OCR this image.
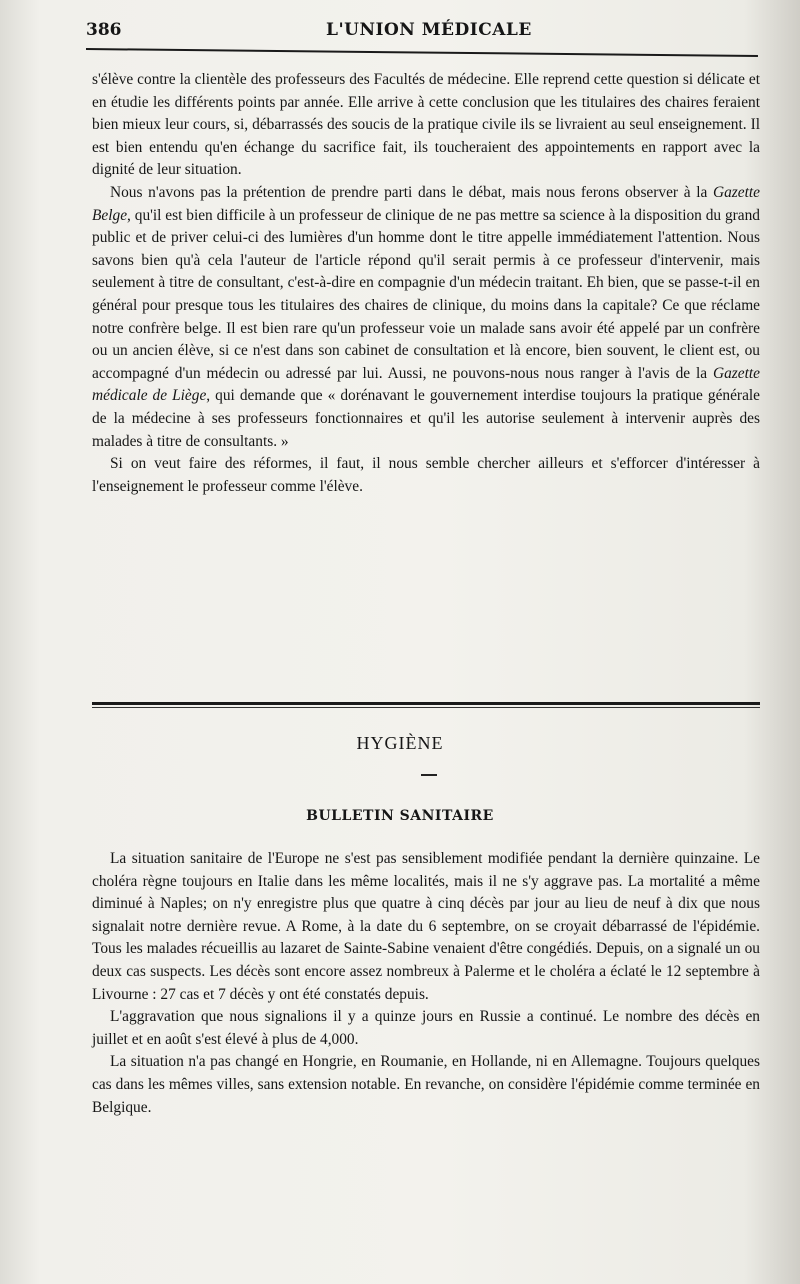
386	L'UNION MÉDICALE

s'élève contre la clientèle des professeurs des Facultés de médecine. Elle reprend cette question si délicate et en étudie les différents points par année. Elle arrive à cette conclusion que les titulaires des chaires feraient bien mieux leur cours, si, débarrassés des soucis de la pratique civile ils se livraient au seul enseignement. Il est bien entendu qu'en échange du sacrifice fait, ils toucheraient des appointements en rapport avec la dignité de leur situation.

Nous n'avons pas la prétention de prendre parti dans le débat, mais nous ferons observer à la Gazette Belge, qu'il est bien difficile à un professeur de clinique de ne pas mettre sa science à la disposition du grand public et de priver celui-ci des lumières d'un homme dont le titre appelle immédiatement l'attention. Nous savons bien qu'à cela l'auteur de l'article répond qu'il serait permis à ce professeur d'intervenir, mais seulement à titre de consultant, c'est-à-dire en compagnie d'un médecin traitant. Eh bien, que se passe-t-il en général pour presque tous les titulaires des chaires de clinique, du moins dans la capitale? Ce que réclame notre confrère belge. Il est bien rare qu'un professeur voie un malade sans avoir été appelé par un confrère ou un ancien élève, si ce n'est dans son cabinet de consultation et là encore, bien souvent, le client est, ou accompagné d'un médecin ou adressé par lui. Aussi, ne pouvons-nous nous ranger à l'avis de la Gazette médicale de Liège, qui demande que « dorénavant le gouvernement interdise toujours la pratique générale de la médecine à ses professeurs fonctionnaires et qu'il les autorise seulement à intervenir auprès des malades à titre de consultants. »

Si on veut faire des réformes, il faut, il nous semble chercher ailleurs et s'efforcer d'intéresser à l'enseignement le professeur comme l'élève.

HYGIÈNE
BULLETIN SANITAIRE

La situation sanitaire de l'Europe ne s'est pas sensiblement modifiée pendant la dernière quinzaine. Le choléra règne toujours en Italie dans les même localités, mais il ne s'y aggrave pas. La mortalité a même diminué à Naples; on n'y enregistre plus que quatre à cinq décès par jour au lieu de neuf à dix que nous signalait notre dernière revue. A Rome, à la date du 6 septembre, on se croyait débarrassé de l'épidémie. Tous les malades récueillis au lazaret de Sainte-Sabine venaient d'être congédiés. Depuis, on a signalé un ou deux cas suspects. Les décès sont encore assez nombreux à Palerme et le choléra a éclaté le 12 septembre à Livourne : 27 cas et 7 décès y ont été constatés depuis.

L'aggravation que nous signalions il y a quinze jours en Russie a continué. Le nombre des décès en juillet et en août s'est élevé à plus de 4,000.

La situation n'a pas changé en Hongrie, en Roumanie, en Hollande, ni en Allemagne. Toujours quelques cas dans les mêmes villes, sans extension notable. En revanche, on considère l'épidémie comme terminée en Belgique.
